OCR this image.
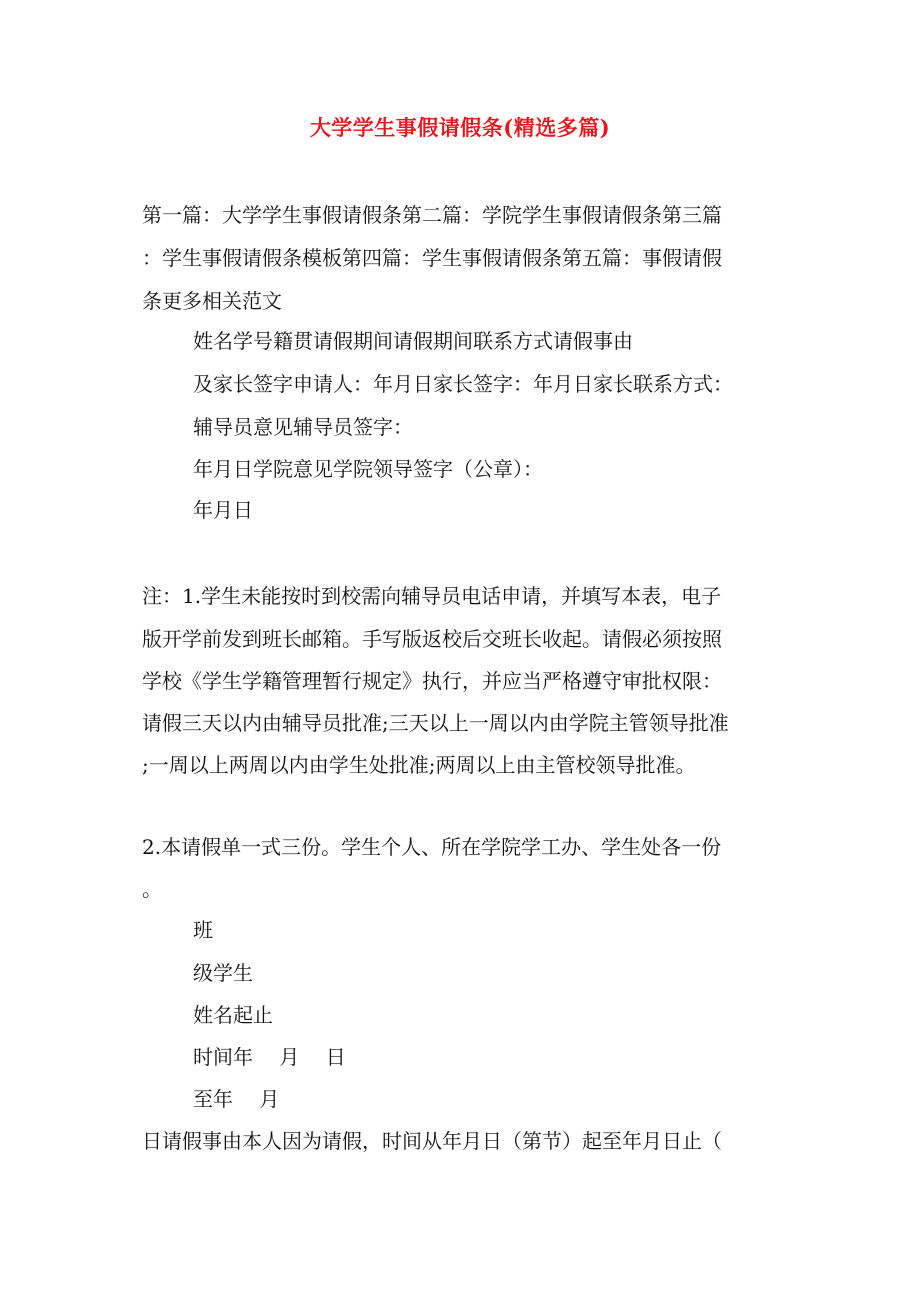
大学学生事假请假条(精选多篇)
第一篇：大学学生事假请假条第二篇：学院学生事假请假条第三篇
：学生事假请假条模板第四篇：学生事假请假条第五篇：事假请假
条更多相关范文
姓名学号籍贯请假期间请假期间联系方式请假事由
及家长签字申请人：年月日家长签字：年月日家长联系方式：
辅导员意见辅导员签字：
年月日学院意见学院领导签字（公章）：
年月日
注：1.学生未能按时到校需向辅导员电话申请，并填写本表，电子
版开学前发到班长邮箱。手写版返校后交班长收起。请假必须按照
学校《学生学籍管理暂行规定》执行，并应当严格遵守审批权限：
请假三天以内由辅导员批准;三天以上一周以内由学院主管领导批准
;一周以上两周以内由学生处批准;两周以上由主管校领导批准。
2.本请假单一式三份。学生个人、所在学院学工办、学生处各一份
。
班
级学生
姓名起止
时间年　 月　 日
至年　 月
日请假事由本人因为请假，时间从年月日（第节）起至年月日止（
